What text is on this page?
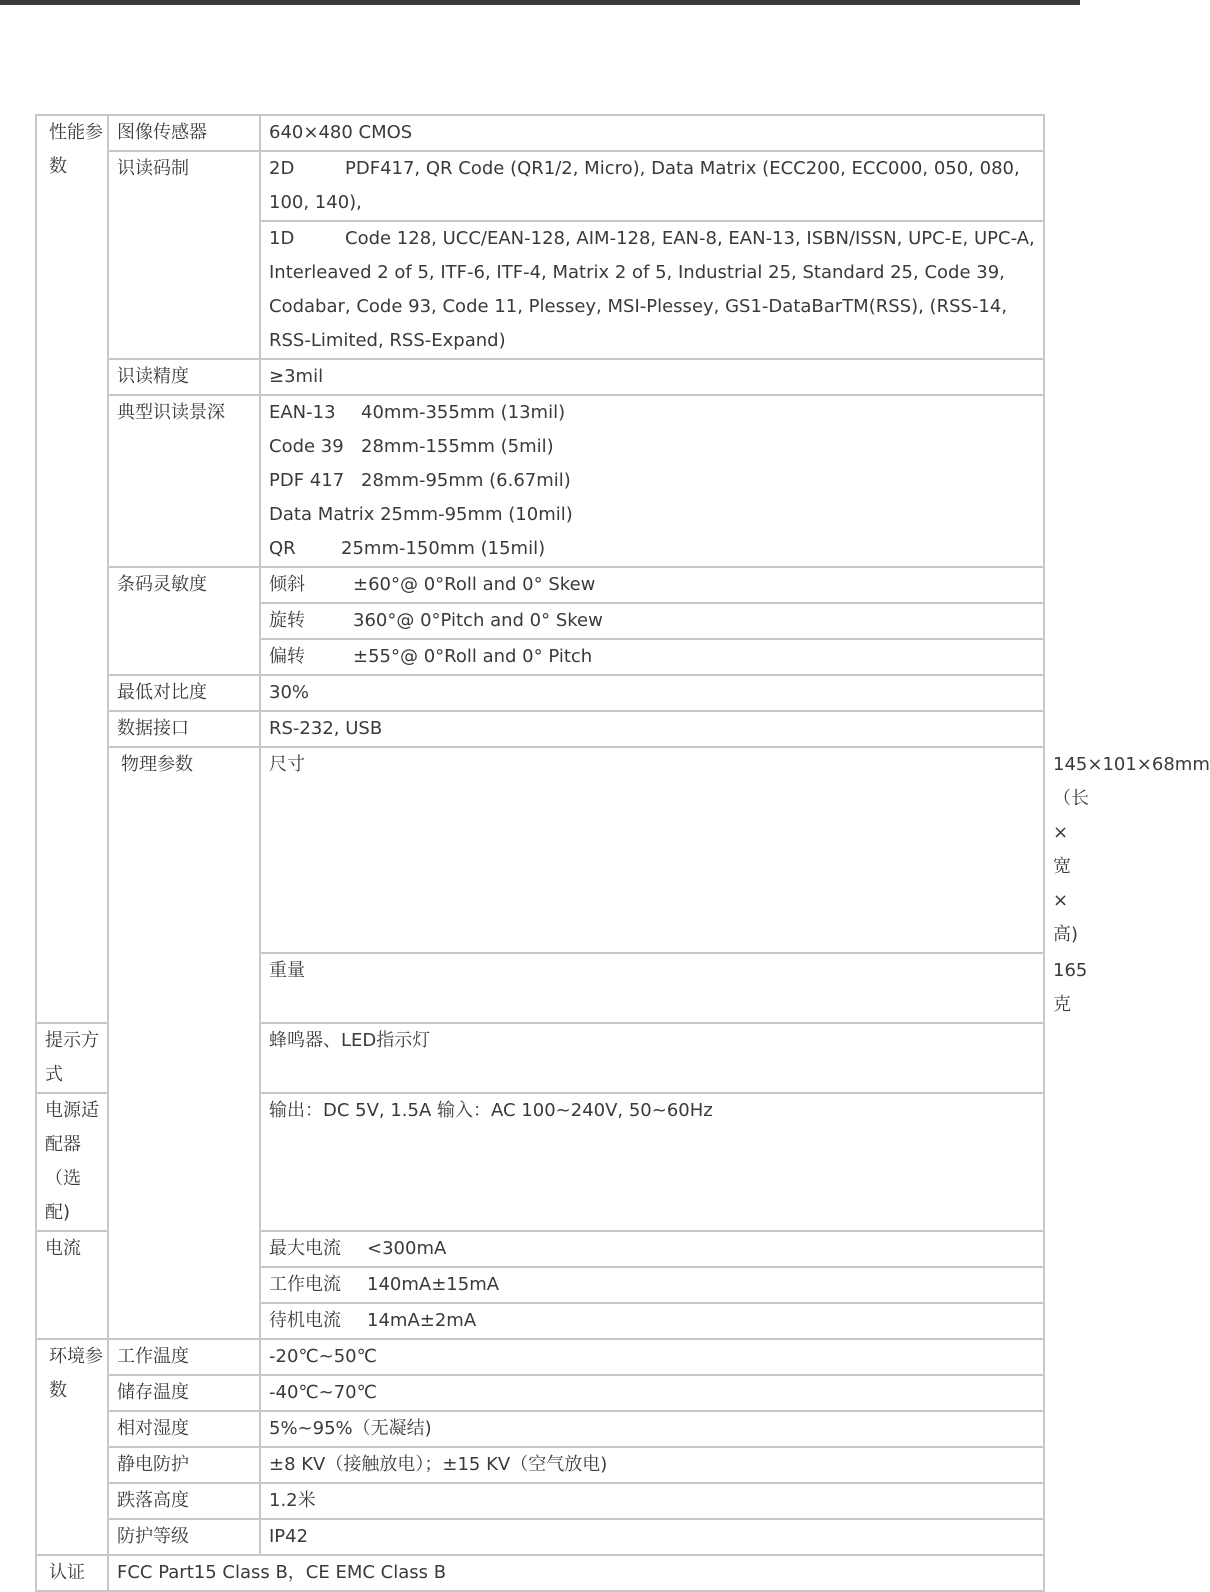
性能参数	图像传感器	640×480 CMOS	
	识读码制	2D PDF417, QR Code (QR1/2, Micro), Data Matrix (ECC200, ECC000, 050, 080, 100, 140),	
		1D Code 128, UCC/EAN-128, AIM-128, EAN-8, EAN-13, ISBN/ISSN, UPC-E, UPC-A, Interleaved 2 of 5, ITF-6, ITF-4, Matrix 2 of 5, Industrial 25, Standard 25, Code 39, Codabar, Code 93, Code 11, Plessey, MSI-Plessey, GS1-DataBarTM(RSS), (RSS-14, RSS-Limited, RSS-Expand)	
	识读精度	≥3mil	
	典型识读景深	EAN-13 40mm-355mm (13mil)
Code 39 28mm-155mm (5mil)
PDF 417 28mm-95mm (6.67mil)
Data Matrix 25mm-95mm (10mil)
QR 25mm-150mm (15mil)	

	条码灵敏度	倾斜 ±60°@ 0°Roll and 0° Skew	
		旋转 360°@ 0°Pitch and 0° Skew	
		偏转 ±55°@ 0°Roll and 0° Pitch	
	最低对比度	30%	
	数据接口	RS-232, USB	
	物理参数	尺寸	145×101×68mm（长×宽×高)
		重量	165克
提示方式		蜂鸣器、LED指示灯	
电源适配器（选配)		输出：DC 5V, 1.5A 输入：AC 100~240V, 50~60Hz	
电流		最大电流 <300mA	
		工作电流 140mA±15mA	
		待机电流 14mA±2mA	
环境参数	工作温度	-20℃~50℃	
	储存温度	-40℃~70℃	
	相对湿度	5%~95%（无凝结)	
	静电防护	±8 KV（接触放电）；±15 KV（空气放电)	
	跌落高度	1.2米	
	防护等级	IP42	
认证	FCC Part15 Class B，CE EMC Class B		
